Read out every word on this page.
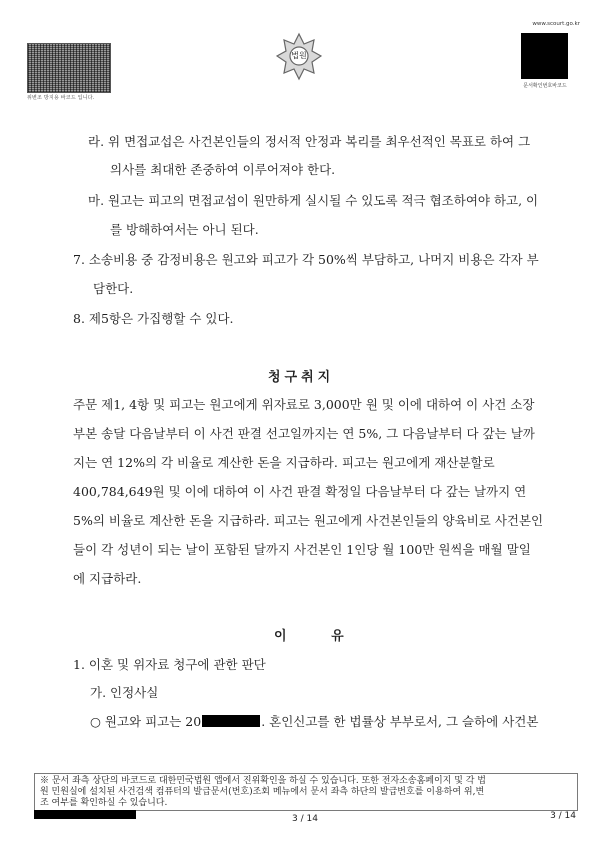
위변조 방지용 바코드 입니다.
법원
www.scourt.go.kr
문서확인번호바코드
라. 위 면접교섭은 사건본인들의 정서적 안정과 복리를 최우선적인 목표로 하여 그
의사를 최대한 존중하여 이루어져야 한다.
마. 원고는 피고의 면접교섭이 원만하게 실시될 수 있도록 적극 협조하여야 하고, 이
를 방해하여서는 아니 된다.
7. 소송비용 중 감정비용은 원고와 피고가 각 50%씩 부담하고, 나머지 비용은 각자 부
담한다.
8. 제5항은 가집행할 수 있다.
청구취지
주문 제1, 4항 및 피고는 원고에게 위자료로 3,000만 원 및 이에 대하여 이 사건 소장
부본 송달 다음날부터 이 사건 판결 선고일까지는 연 5%, 그 다음날부터 다 갚는 날까
지는 연 12%의 각 비율로 계산한 돈을 지급하라. 피고는 원고에게 재산분할로
400,784,649원 및 이에 대하여 이 사건 판결 확정일 다음날부터 다 갚는 날까지 연
5%의 비율로 계산한 돈을 지급하라. 피고는 원고에게 사건본인들의 양육비로 사건본인
들이 각 성년이 되는 날이 포함된 달까지 사건본인 1인당 월 100만 원씩을 매월 말일
에 지급하라.
이 유
1. 이혼 및 위자료 청구에 관한 판단
가. 인정사실
○ 원고와 피고는 20	. 혼인신고를 한 법률상 부부로서, 그 슬하에 사건본
※ 문서 좌측 상단의 바코드로 대한민국법원 앱에서 진위확인을 하실 수 있습니다. 또한 전자소송홈페이지 및 각 법
원 민원실에 설치된 사건검색 컴퓨터의 발급문서(번호)조회 메뉴에서 문서 좌측 하단의 발급번호를 이용하여 위,변
조 여부를 확인하실 수 있습니다.
3 / 14	3 / 14
